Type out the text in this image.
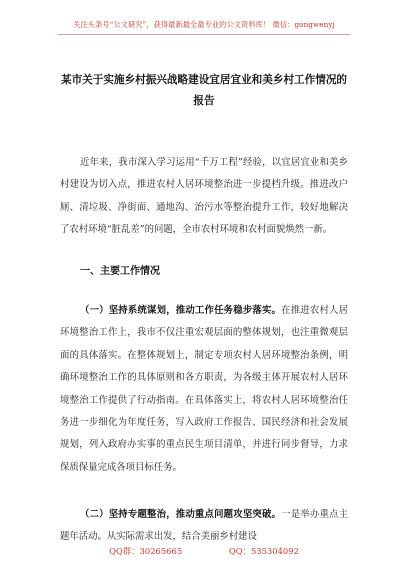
关注头条号“公文研究”，获得最新最全最专业的公文资料库！ 微信：gongwenyj
某市关于实施乡村振兴战略建设宜居宜业和美乡村工作情况的报告
近年来，我市深入学习运用“千万工程”经验，以宜居宜业和美乡村建设为切入点，推进农村人居环境整治进一步提档升级。推进改户厕、清垃圾、净街面、通地沟、治污水等整治提升工作，较好地解决了农村环境“脏乱差”的问题，全市农村环境和农村面貌焕然一新。
一、主要工作情况
（一）坚持系统谋划，推动工作任务稳步落实。在推进农村人居环境整治工作上，我市不仅注重宏观层面的整体规划，也注重微观层面的具体落实。在整体规划上，制定专项农村人居环境整治条例，明确环境整治工作的具体原则和各方职责，为各级主体开展农村人居环境整治工作提供了行动指南。在具体落实上，将农村人居环境整治任务进一步细化为年度任务，写入政府工作报告、国民经济和社会发展规划，列入政府办实事的重点民生项目清单，并进行同步督导，力求保质保量完成各项目标任务。
（二）坚持专题整治，推动重点问题攻坚突破。一是举办重点主题年活动。从实际需求出发，结合美丽乡村建设
QQ群：30265665	QQ：535304092
